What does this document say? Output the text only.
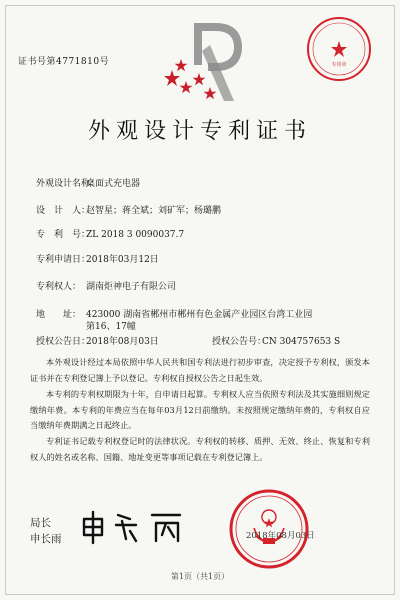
证书号第4771810号	专用章
外观设计专利证书
外观设计名称：桌面式充电器
设　计　人：赵智星；蒋全斌；刘矿军；杨璐鹏
专　利　号：ZL 2018 3 0090037.7
专利申请日：2018年03月12日
专利权人： 湖南炬神电子有限公司
地　　址： 423000 湖南省郴州市郴州有色金属产业园区台湾工业园
第16、17幢
授权公告日：2018年08月03日	授权公告号：CN 304757653 S
本外观设计经过本局依照中华人民共和国专利法进行初步审查，决定授予专利权，颁发本证书并在专利登记簿上予以登记。专利权自授权公告之日起生效。
本专利的专利权期限为十年，自申请日起算。专利权人应当依照专利法及其实施细则规定缴纳年费。本专利的年费应当在每年03月12日前缴纳。未按照规定缴纳年费的，专利权自应当缴纳年费期满之日起终止。
专利证书记载专利权登记时的法律状况。专利权的转移、质押、无效、终止、恢复和专利权人的姓名或名称、国籍、地址变更等事项记载在专利登记簿上。
局长
申长雨	2018年08月03日
第1页（共1页）
